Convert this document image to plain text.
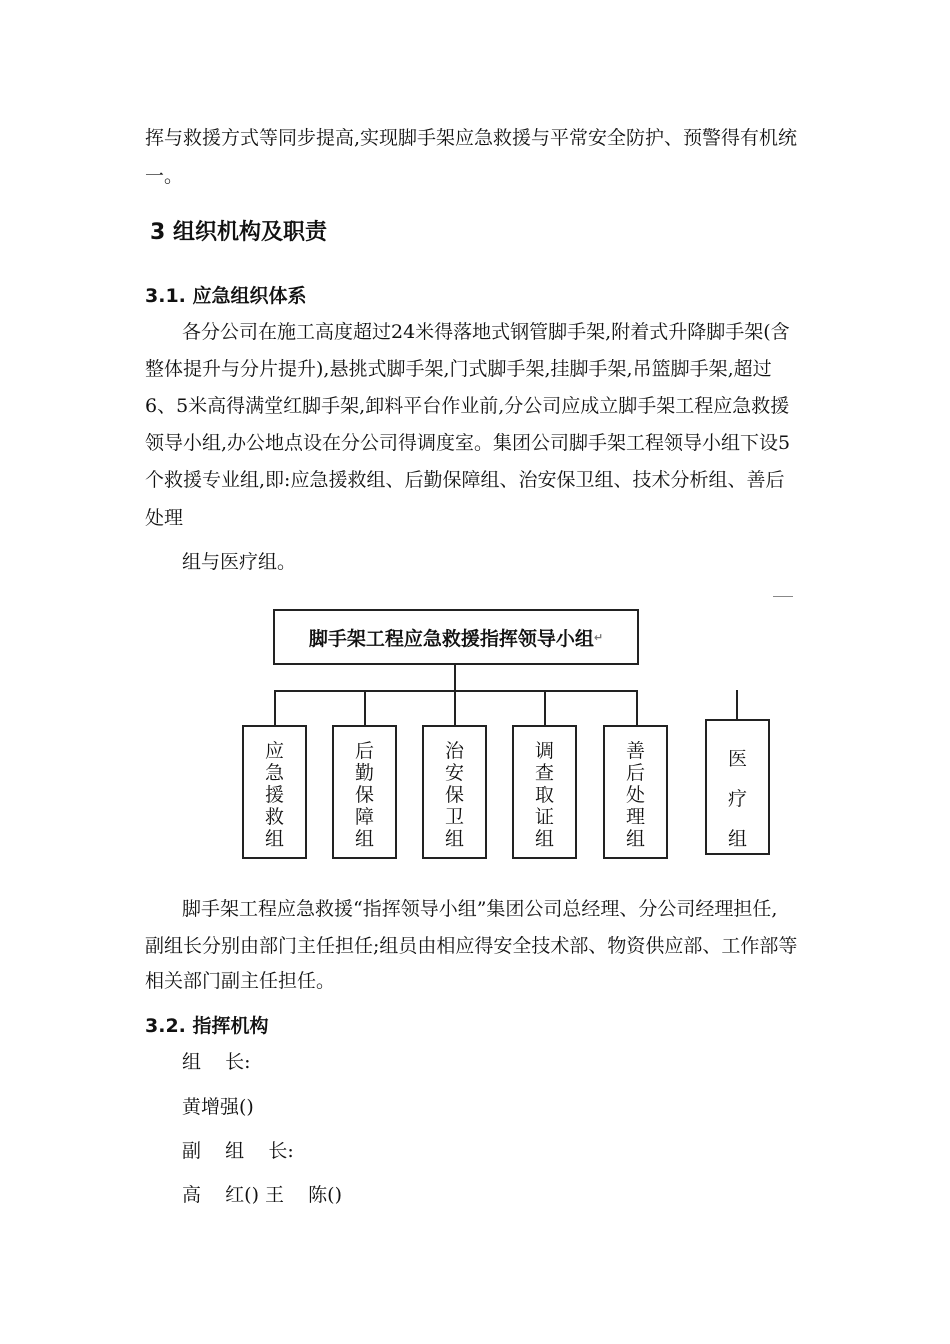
挥与救援方式等同步提高,实现脚手架应急救援与平常安全防护、预警得有机统
一。
3 组织机构及职责
3.1. 应急组织体系
各分公司在施工高度超过24米得落地式钢管脚手架,附着式升降脚手架(含
整体提升与分片提升),悬挑式脚手架,门式脚手架,挂脚手架,吊篮脚手架,超过
6、5米高得满堂红脚手架,卸料平台作业前,分公司应成立脚手架工程应急救援
领导小组,办公地点设在分公司得调度室。集团公司脚手架工程领导小组下设5
个救援专业组,即:应急援救组、后勤保障组、治安保卫组、技术分析组、善后
处理
组与医疗组。
脚手架工程应急救援指挥领导小组 ↵
应急援救组
后勤保障组
治安保卫组
调查取证组
善后处理组
医疗组
脚手架工程应急救援“指挥领导小组”集团公司总经理、分公司经理担任,
副组长分别由部门主任担任;组员由相应得安全技术部、物资供应部、工作部等
相关部门副主任担任。
3.2. 指挥机构
组    长:
黄增强()
副    组    长:
高    红() 王    陈()
